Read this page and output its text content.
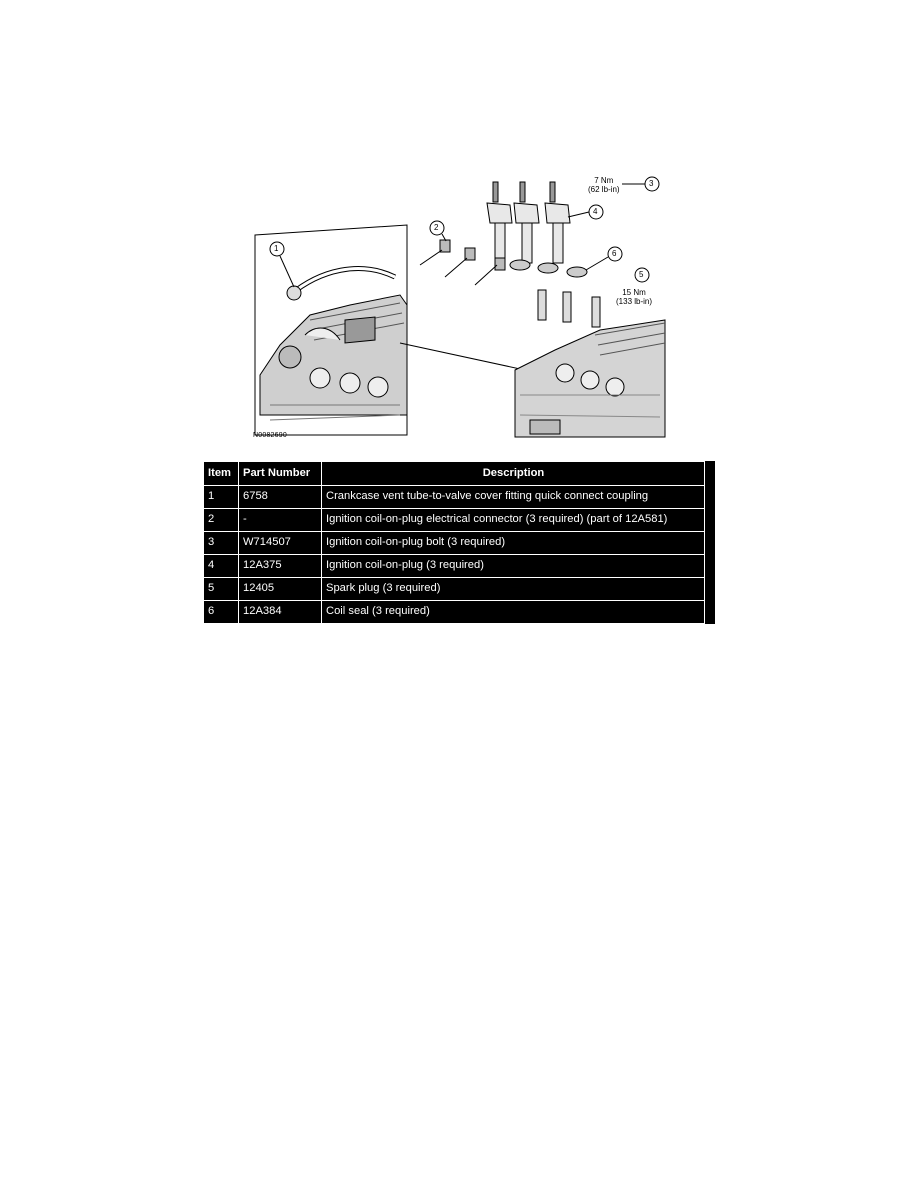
1
2
3
4
5
6
7 Nm
(62 lb-in)
15 Nm
(133 lb-in)
N0082690
Item	Part Number	Description	
1	6758	Crankcase vent tube-to-valve cover fitting quick connect coupling	
2	-	Ignition coil-on-plug electrical connector (3 required) (part of 12A581)	
3	W714507	Ignition coil-on-plug bolt (3 required)	
4	12A375	Ignition coil-on-plug (3 required)	
5	12405	Spark plug (3 required)	
6	12A384	Coil seal (3 required)	
